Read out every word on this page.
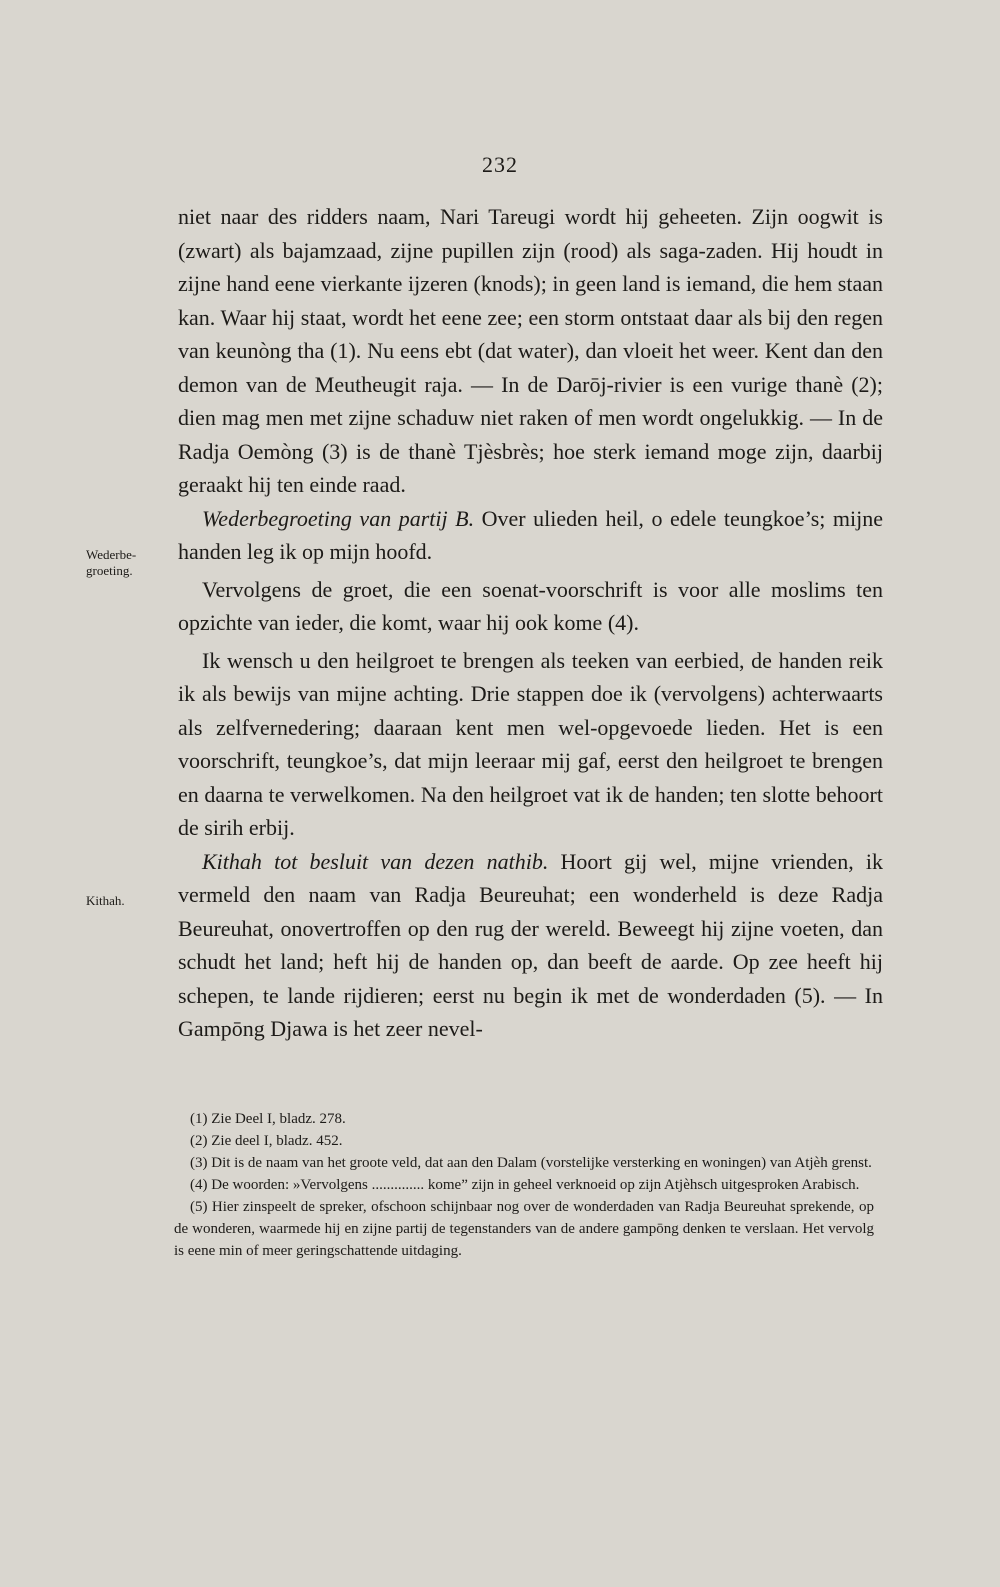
232
Wederbe-
groeting.
Kithah.

niet naar des ridders naam, Nari Tareugi wordt hij geheeten. Zijn oogwit is (zwart) als bajamzaad, zijne pupillen zijn (rood) als saga-zaden. Hij houdt in zijne hand eene vierkante ijzeren (knods); in geen land is iemand, die hem staan kan. Waar hij staat, wordt het eene zee; een storm ontstaat daar als bij den regen van keunòng tha (1). Nu eens ebt (dat water), dan vloeit het weer. Kent dan den demon van de Meutheugit raja. — In de Darōj-rivier is een vurige thanè (2); dien mag men met zijne schaduw niet raken of men wordt ongelukkig. — In de Radja Oemòng (3) is de thanè Tjèsbrès; hoe sterk iemand moge zijn, daarbij geraakt hij ten einde raad.

Wederbegroeting van partij B. Over ulieden heil, o edele teungkoe’s; mijne handen leg ik op mijn hoofd.

Vervolgens de groet, die een soenat-voorschrift is voor alle moslims ten opzichte van ieder, die komt, waar hij ook kome (4).

Ik wensch u den heilgroet te brengen als teeken van eerbied, de handen reik ik als bewijs van mijne achting. Drie stappen doe ik (vervolgens) achterwaarts als zelfvernedering; daaraan kent men wel-opgevoede lieden. Het is een voorschrift, teungkoe’s, dat mijn leeraar mij gaf, eerst den heilgroet te brengen en daarna te verwelkomen. Na den heilgroet vat ik de handen; ten slotte behoort de sirih erbij.

Kithah tot besluit van dezen nathib. Hoort gij wel, mijne vrienden, ik vermeld den naam van Radja Beureuhat; een wonderheld is deze Radja Beureuhat, onovertroffen op den rug der wereld. Beweegt hij zijne voeten, dan schudt het land; heft hij de handen op, dan beeft de aarde. Op zee heeft hij schepen, te lande rijdieren; eerst nu begin ik met de wonderdaden (5). — In Gampōng Djawa is het zeer nevel-

(1) Zie Deel I, bladz. 278.

(2) Zie deel I, bladz. 452.

(3) Dit is de naam van het groote veld, dat aan den Dalam (vorstelijke versterking en woningen) van Atjèh grenst.

(4) De woorden: »Vervolgens .............. kome” zijn in geheel verknoeid op zijn Atjèhsch uitgesproken Arabisch.

(5) Hier zinspeelt de spreker, ofschoon schijnbaar nog over de wonderdaden van Radja Beureuhat sprekende, op de wonderen, waarmede hij en zijne partij de tegenstanders van de andere gampōng denken te verslaan. Het vervolg is eene min of meer geringschattende uitdaging.
